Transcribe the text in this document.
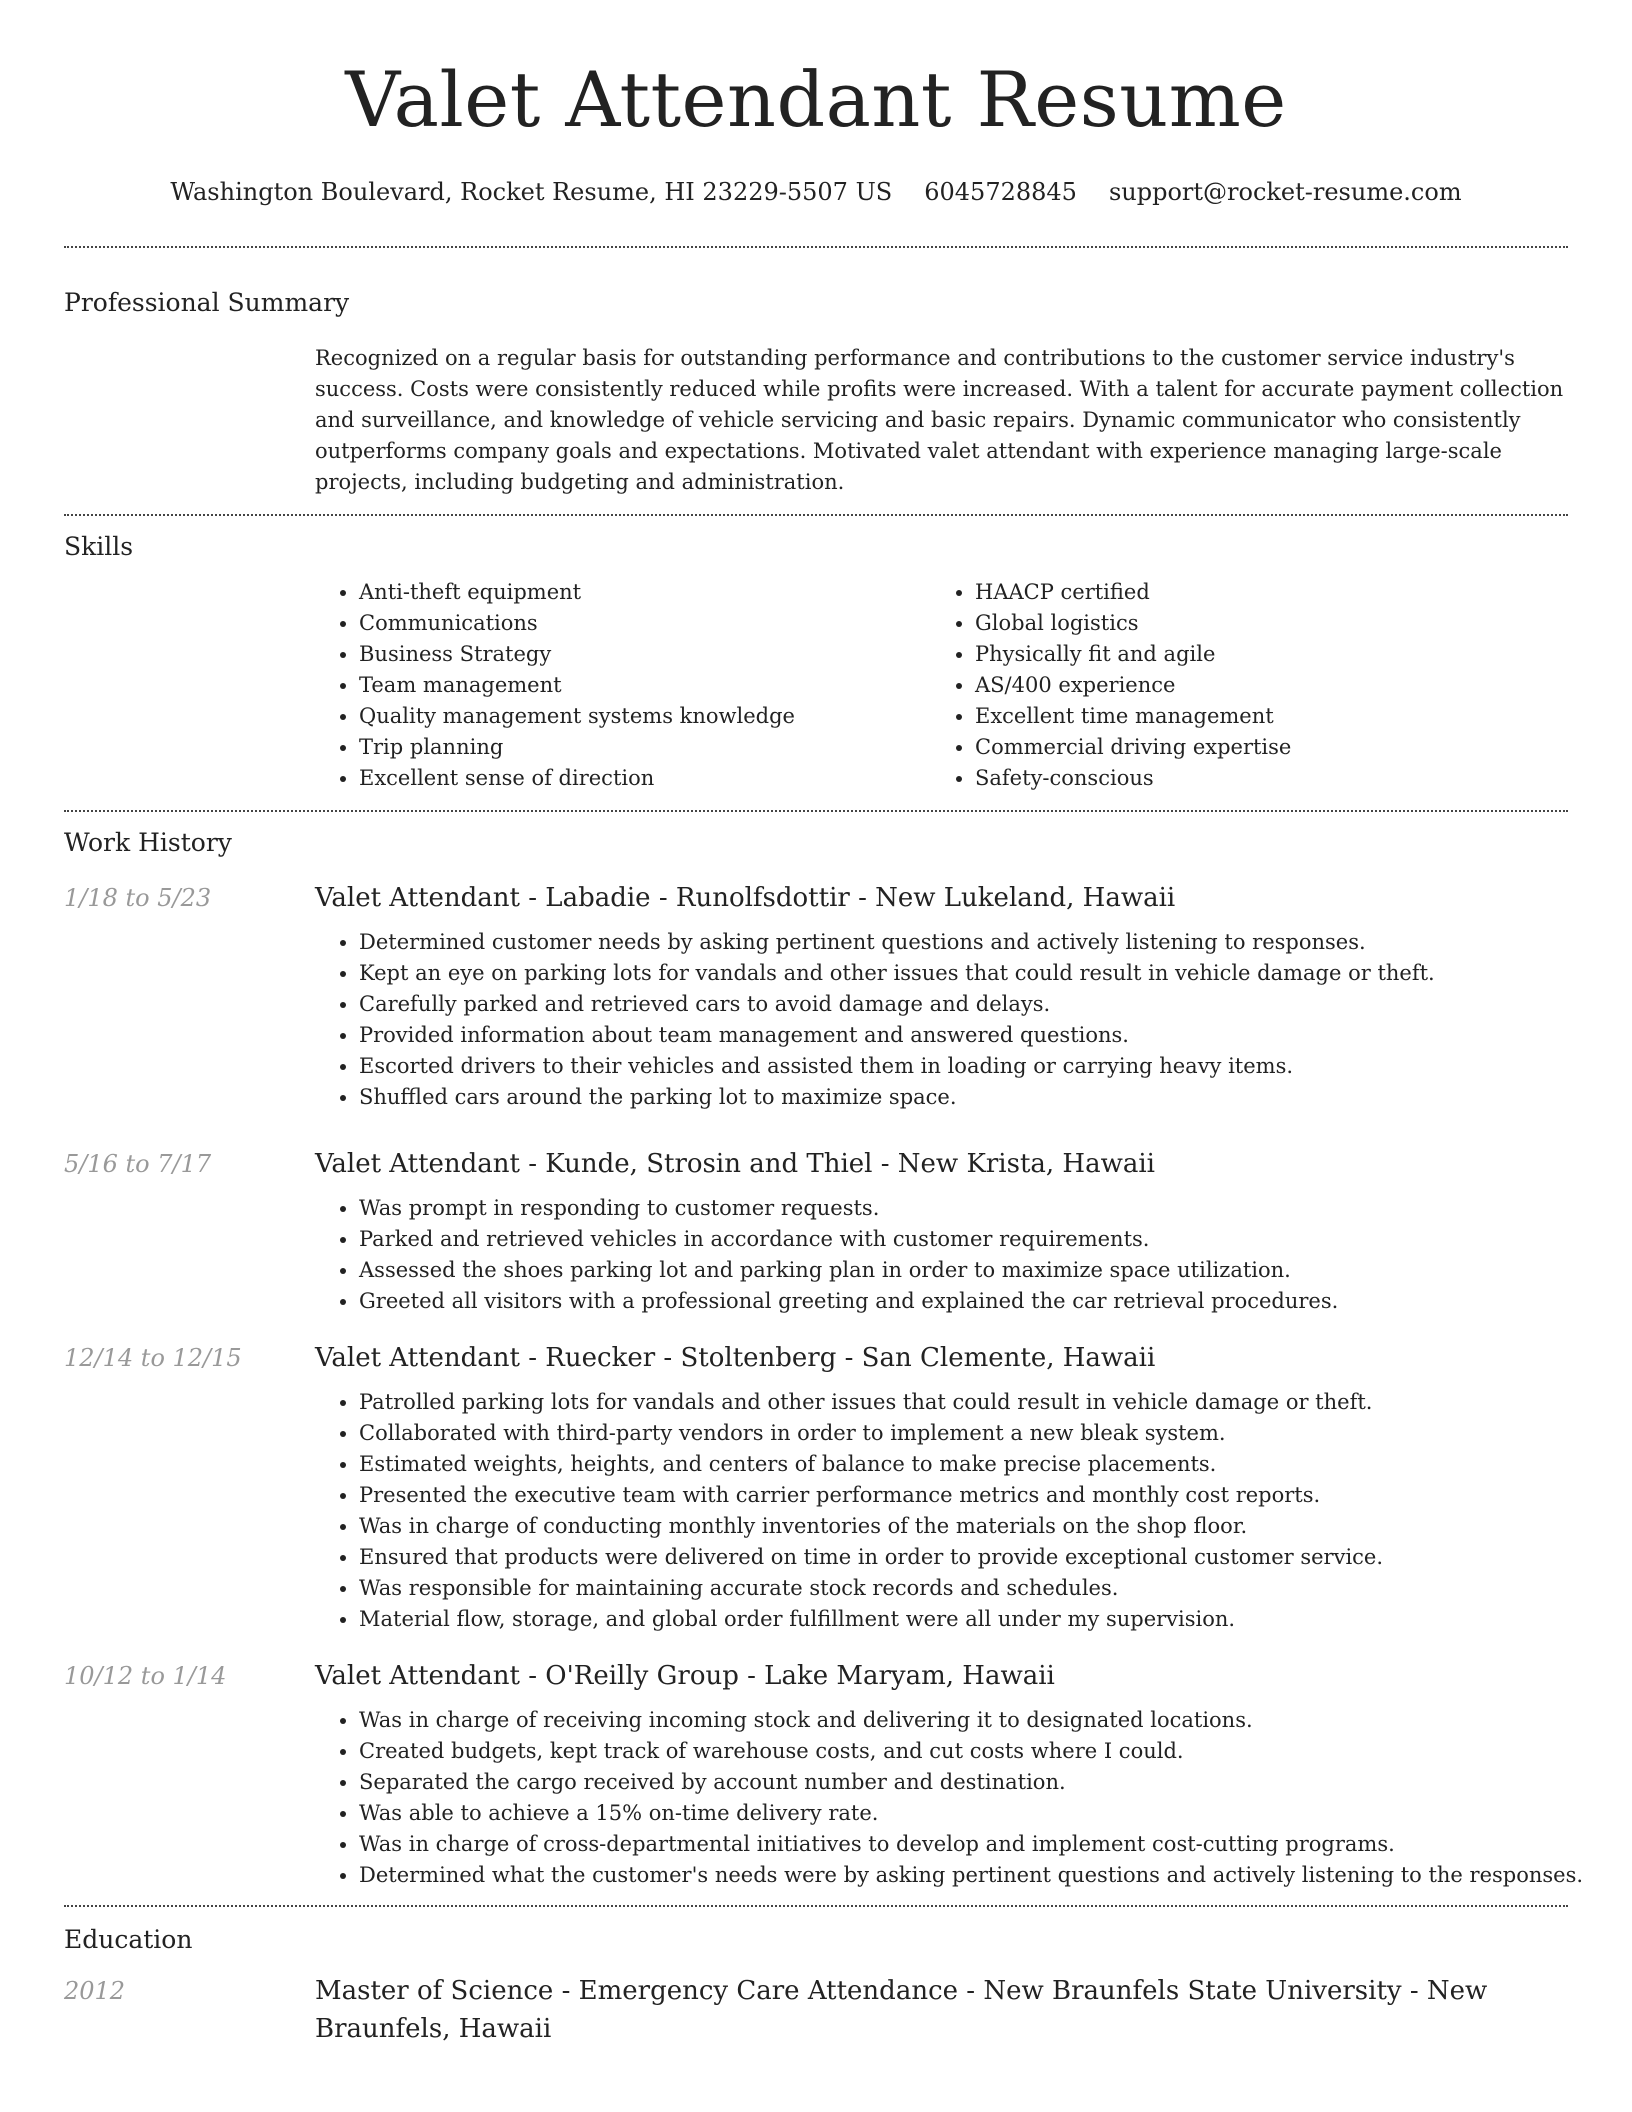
Valet Attendant Resume
Washington Boulevard, Rocket Resume, HI 23229-5507 US 6045728845 support@rocket-resume.com
Professional Summary
Recognized on a regular basis for outstanding performance and contributions to the customer service industry's success. Costs were consistently reduced while profits were increased. With a talent for accurate payment collection and surveillance, and knowledge of vehicle servicing and basic repairs. Dynamic communicator who consistently outperforms company goals and expectations. Motivated valet attendant with experience managing large-scale projects, including budgeting and administration.
Skills
• Anti-theft equipment
• Communications
• Business Strategy
• Team management
• Quality management systems knowledge
• Trip planning
• Excellent sense of direction
• HAACP certified
• Global logistics
• Physically fit and agile
• AS/400 experience
• Excellent time management
• Commercial driving expertise
• Safety-conscious
Work History
1/18 to 5/23	Valet Attendant - Labadie - Runolfsdottir - New Lukeland, Hawaii
• Determined customer needs by asking pertinent questions and actively listening to responses.
• Kept an eye on parking lots for vandals and other issues that could result in vehicle damage or theft.
• Carefully parked and retrieved cars to avoid damage and delays.
• Provided information about team management and answered questions.
• Escorted drivers to their vehicles and assisted them in loading or carrying heavy items.
• Shuffled cars around the parking lot to maximize space.
5/16 to 7/17	Valet Attendant - Kunde, Strosin and Thiel - New Krista, Hawaii
• Was prompt in responding to customer requests.
• Parked and retrieved vehicles in accordance with customer requirements.
• Assessed the shoes parking lot and parking plan in order to maximize space utilization.
• Greeted all visitors with a professional greeting and explained the car retrieval procedures.
12/14 to 12/15	Valet Attendant - Ruecker - Stoltenberg - San Clemente, Hawaii
• Patrolled parking lots for vandals and other issues that could result in vehicle damage or theft.
• Collaborated with third-party vendors in order to implement a new bleak system.
• Estimated weights, heights, and centers of balance to make precise placements.
• Presented the executive team with carrier performance metrics and monthly cost reports.
• Was in charge of conducting monthly inventories of the materials on the shop floor.
• Ensured that products were delivered on time in order to provide exceptional customer service.
• Was responsible for maintaining accurate stock records and schedules.
• Material flow, storage, and global order fulfillment were all under my supervision.
10/12 to 1/14	Valet Attendant - O'Reilly Group - Lake Maryam, Hawaii
• Was in charge of receiving incoming stock and delivering it to designated locations.
• Created budgets, kept track of warehouse costs, and cut costs where I could.
• Separated the cargo received by account number and destination.
• Was able to achieve a 15% on-time delivery rate.
• Was in charge of cross-departmental initiatives to develop and implement cost-cutting programs.
• Determined what the customer's needs were by asking pertinent questions and actively listening to the responses.
Education
2012	Master of Science - Emergency Care Attendance - New Braunfels State University - New Braunfels, Hawaii
